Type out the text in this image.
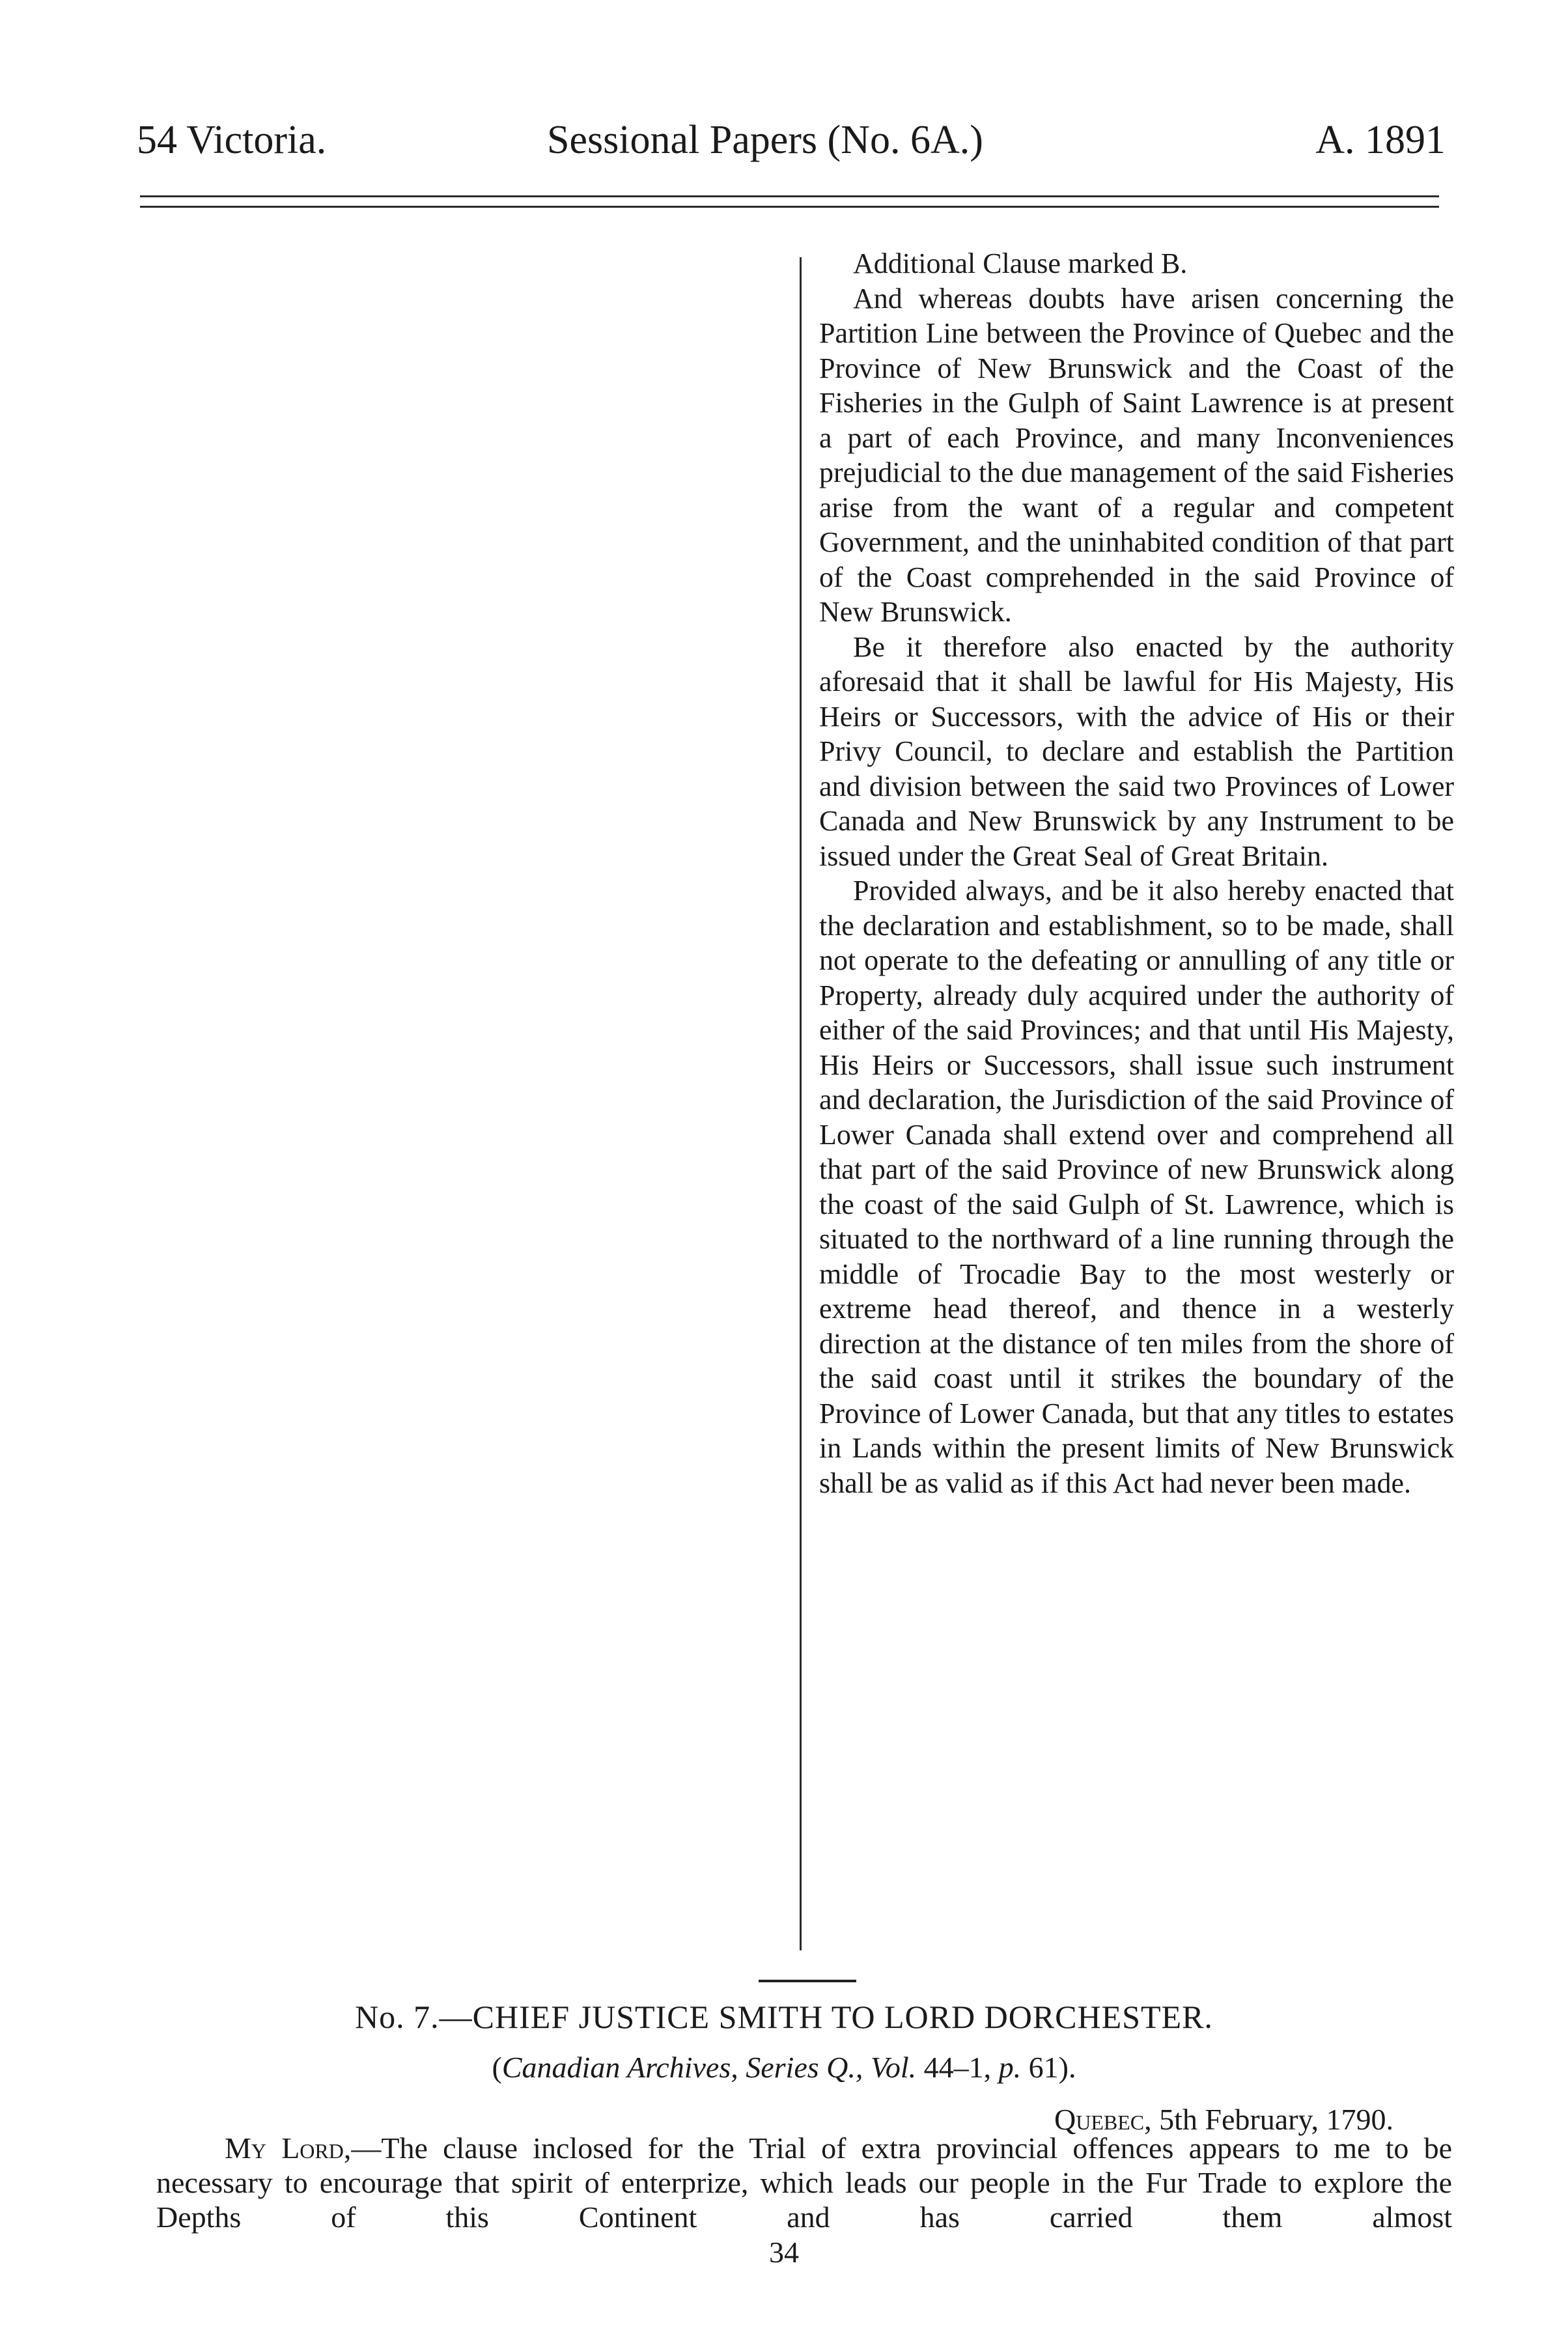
54 Victoria.	Sessional Papers (No. 6A.)	A. 1891

Additional Clause marked B.

And whereas doubts have arisen concerning the Partition Line between the Province of Quebec and the Province of New Brunswick and the Coast of the Fisheries in the Gulph of Saint Lawrence is at present a part of each Province, and many Inconveniences prejudicial to the due management of the said Fisheries arise from the want of a regular and competent Government, and the uninhabited condition of that part of the Coast comprehended in the said Province of New Brunswick.

Be it therefore also enacted by the authority aforesaid that it shall be lawful for His Majesty, His Heirs or Successors, with the advice of His or their Privy Council, to declare and establish the Partition and division between the said two Provinces of Lower Canada and New Brunswick by any Instrument to be issued under the Great Seal of Great Britain.

Provided always, and be it also hereby enacted that the declaration and establishment, so to be made, shall not operate to the defeating or annulling of any title or Property, already duly acquired under the authority of either of the said Provinces; and that until His Majesty, His Heirs or Successors, shall issue such instrument and declaration, the Jurisdiction of the said Province of Lower Canada shall extend over and comprehend all that part of the said Province of new Brunswick along the coast of the said Gulph of St. Lawrence, which is situated to the northward of a line running through the middle of Trocadie Bay to the most westerly or extreme head thereof, and thence in a westerly direction at the distance of ten miles from the shore of the said coast until it strikes the boundary of the Province of Lower Canada, but that any titles to estates in Lands within the present limits of New Brunswick shall be as valid as if this Act had never been made.

No. 7.—CHIEF JUSTICE SMITH TO LORD DORCHESTER.
(Canadian Archives, Series Q., Vol. 44–1, p. 61).
Quebec, 5th February, 1790.

My Lord,—The clause inclosed for the Trial of extra provincial offences appears to me to be necessary to encourage that spirit of enterprize, which leads our people in the Fur Trade to explore the Depths of this Continent and has carried them almost

34
